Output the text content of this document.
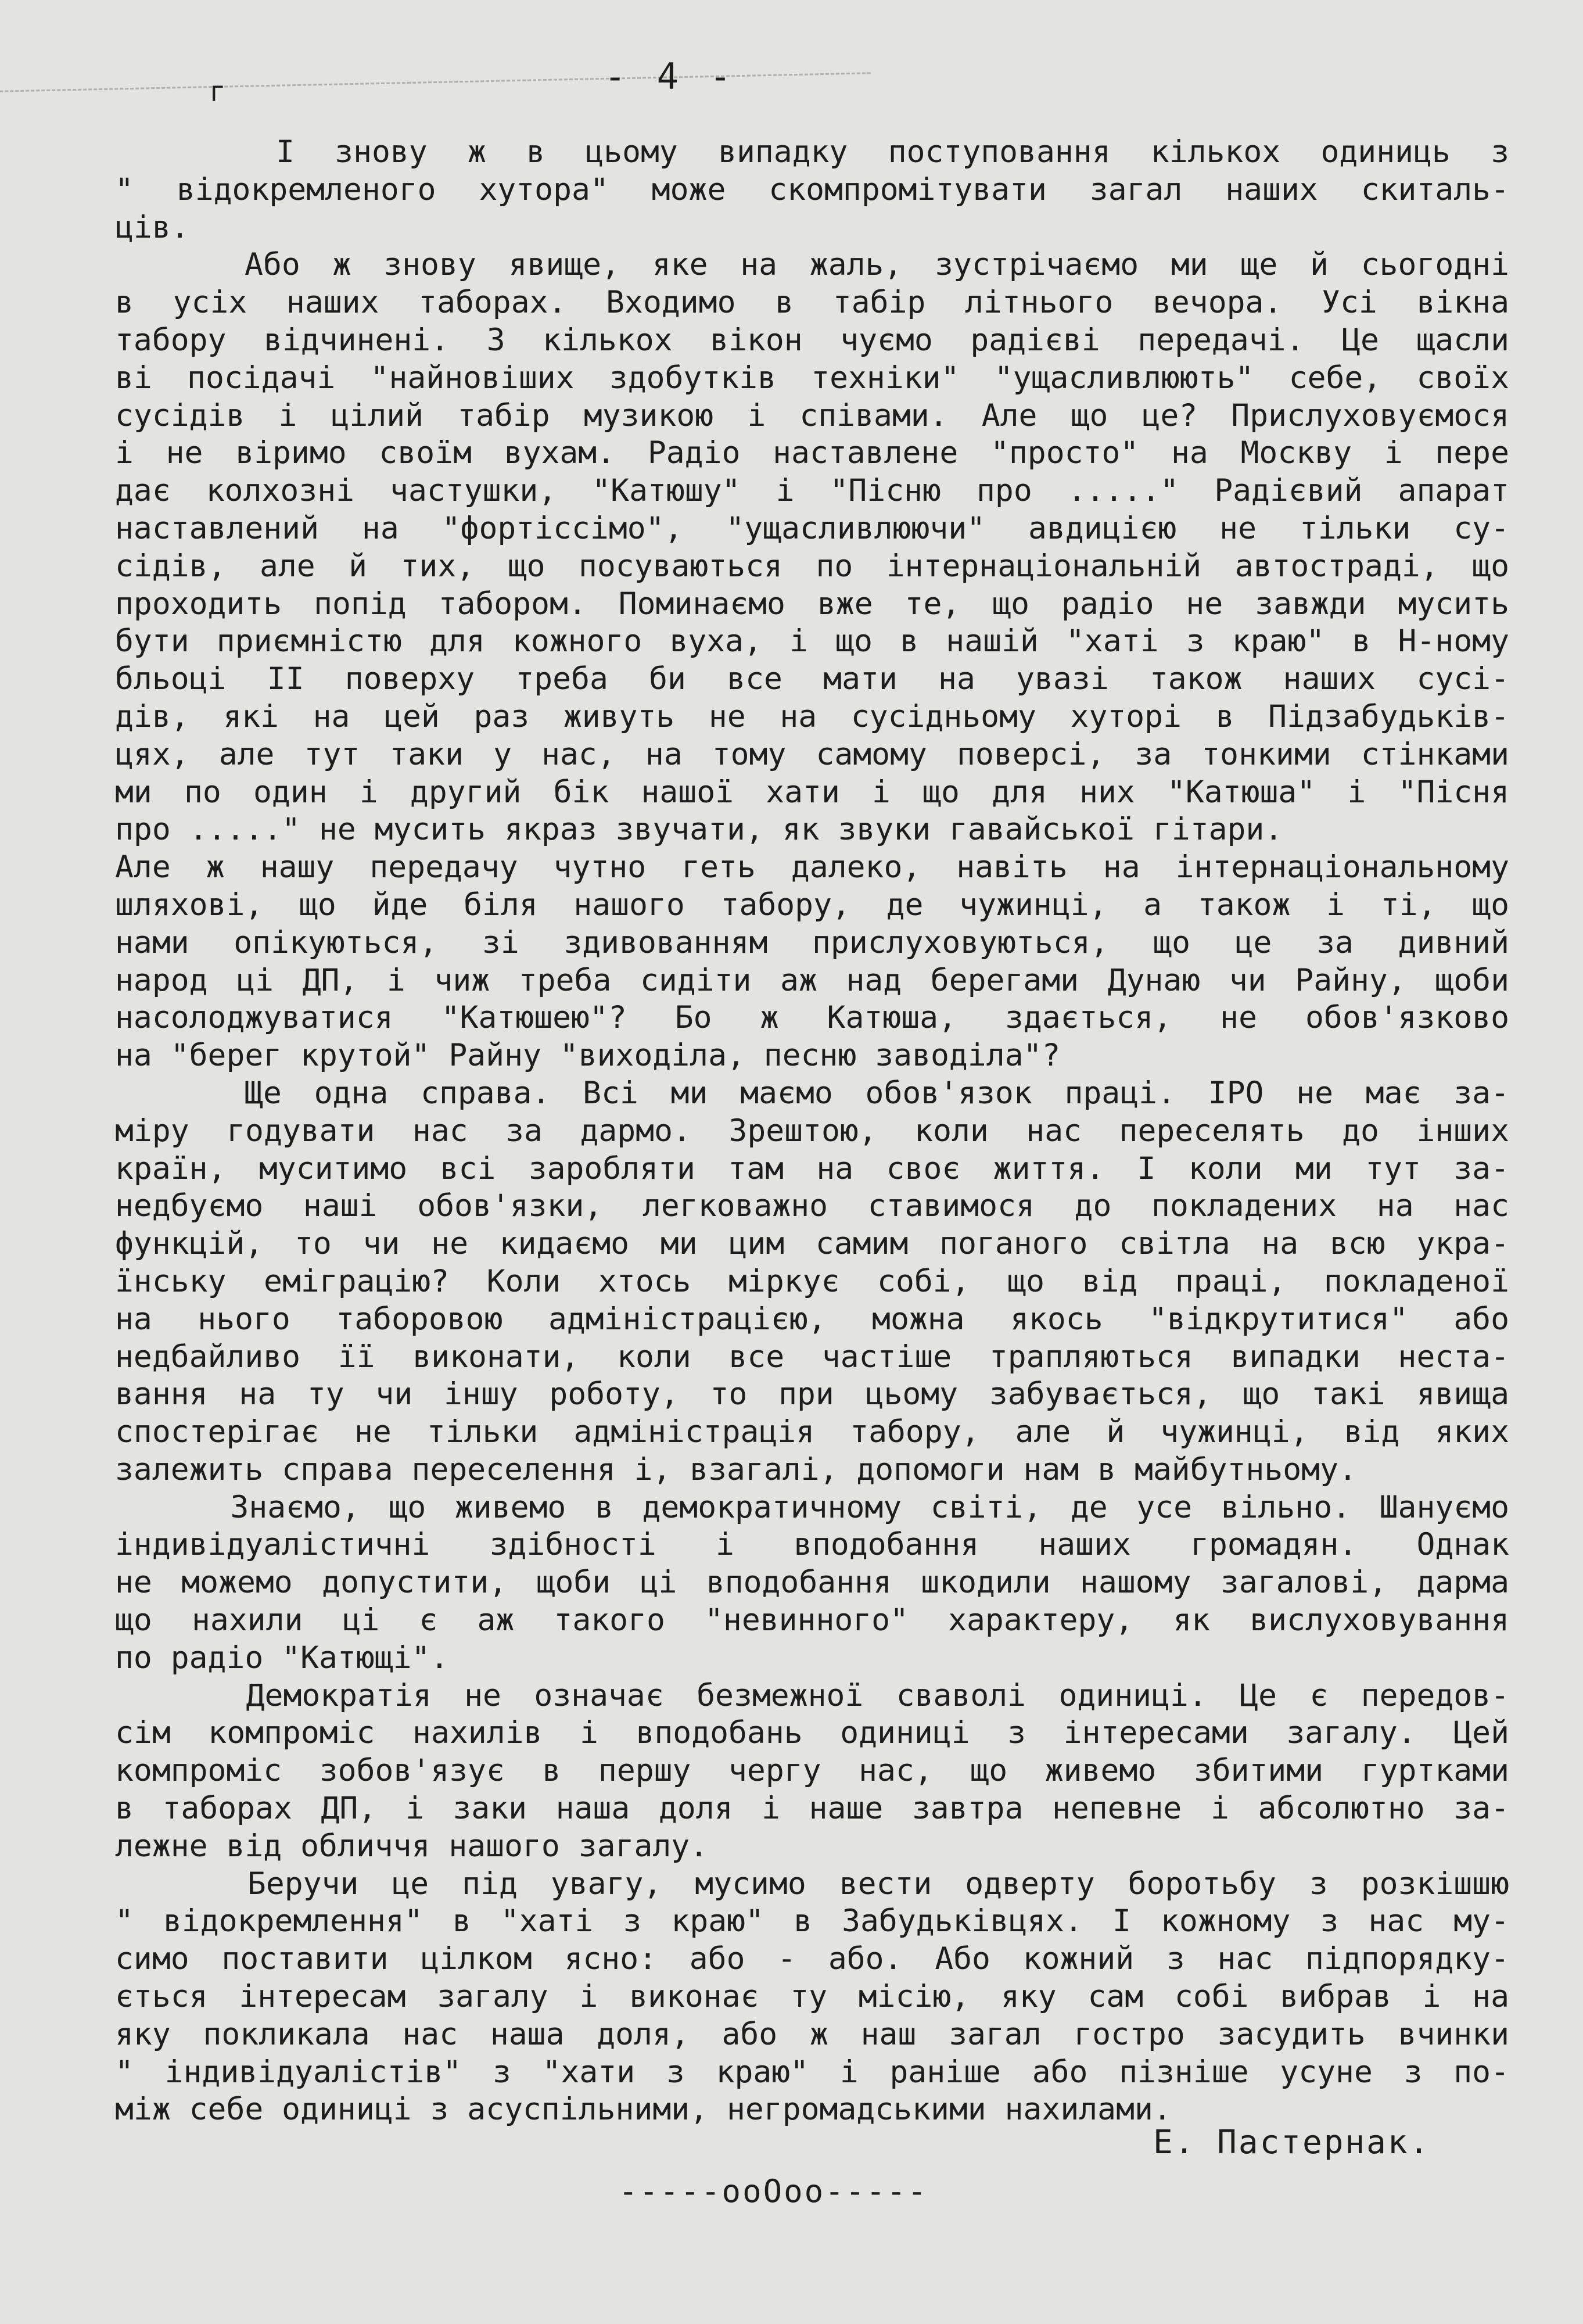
г	- 4 -
І знову ж в цьому випадку поступовання кількох одиниць з
" відокремленого хутора" може скомпромітувати загал наших скиталь-
ців.
Або ж знову явище, яке на жаль, зустрічаємо ми ще й сьогодні
в усіх наших таборах. Входимо в табір літнього вечора. Усі вікна
табору відчинені. З кількох вікон чуємо радієві передачі. Це щасли
ві посідачі "найновіших здобутків техніки" "ущасливлюють" себе, своїх
сусідів і цілий табір музикою і співами. Але що це? Прислуховуємося
і не віримо своїм вухам. Радіо наставлене "просто" на Москву і пере
дає колхозні частушки, "Катюшу" і "Пісню про ....." Радієвий апарат
наставлений на "фортіссімо", "ущасливлюючи" авдицією не тільки су-
сідів, але й тих, що посуваються по інтернаціональній автостраді, що
проходить попід табором. Поминаємо вже те, що радіо не завжди мусить
бути приємністю для кожного вуха, і що в нашій "хаті з краю" в Н-ному
бльоці II поверху треба би все мати на увазі також наших сусі-
дів, які на цей раз живуть не на сусідньому хуторі в Підзабудьків-
цях, але тут таки у нас, на тому самому поверсі, за тонкими стінками
ми по один і другий бік нашої хати і що для них "Катюша" і "Пісня
про ....." не мусить якраз звучати, як звуки гавайської гітари.
Але ж нашу передачу чутно геть далеко, навіть на інтернаціональному
шляхові, що йде біля нашого табору, де чужинці, а також і ті, що
нами опікуються, зі здивованням прислуховуються, що це за дивний
народ ці ДП, і чиж треба сидіти аж над берегами Дунаю чи Райну, щоби
насолоджуватися "Катюшею"? Бо ж Катюша, здається, не обов'язково
на "берег крутой" Райну "виходіла, песню заводіла"?
Ще одна справа. Всі ми маємо обов'язок праці. ІРО не має за-
міру годувати нас за дармо. Зрештою, коли нас переселять до інших
країн, муситимо всі заробляти там на своє життя. І коли ми тут за-
недбуємо наші обов'язки, легковажно ставимося до покладених на нас
функцій, то чи не кидаємо ми цим самим поганого світла на всю укра-
їнську еміграцію? Коли хтось міркує собі, що від праці, покладеної
на нього табоpовою адміністрацією, можна якось "відкрутитися" або
недбайливо її виконати, коли все частіше трапляються випадки неста-
вання на ту чи іншу роботу, то при цьому забувається, що такі явища
спостерігає не тільки адміністрація табору, але й чужинці, від яких
залежить справа переселення і, взагалі, допомоги нам в майбутньому.
Знаємо, що живемо в демократичному світі, де усе вільно. Шануємо
індивідуалістичні здібності і вподобання наших громадян. Однак
не можемо допустити, щоби ці вподобання шкодили нашому загалові, дарма
що нахили ці є аж такого "невинного" характеру, як вислуховування
по радіо "Катющі".
Демократія не означає безмежної сваволі одиниці. Це є передов-
сім компроміс нахилів і вподобань одиниці з інтересами загалу. Цей
компроміс зобов'язує в першу чергу нас, що живемо збитими гуртками
в таборах ДП, і заки наша доля і наше завтра непевне і абсолютно за-
лежне від обличчя нашого загалу.
Беручи це під увагу, мусимо вести одверту боротьбу з розкішшю
" відокремлення" в "хаті з краю" в Забудьківцях. І кожному з нас му-
симо поставити цілком ясно: або - або. Або кожний з нас підпорядку-
ється інтересам загалу і виконає ту місію, яку сам собі вибрав і на
яку покликала нас наша доля, або ж наш загал гостро засудить вчинки
" індивідуалістів" з "хати з краю" і раніше або пізніше усуне з по-
між себе одиниці з асуспільними, негромадськими нахилами.
Е. Пастернак.
-----ooOoo-----
